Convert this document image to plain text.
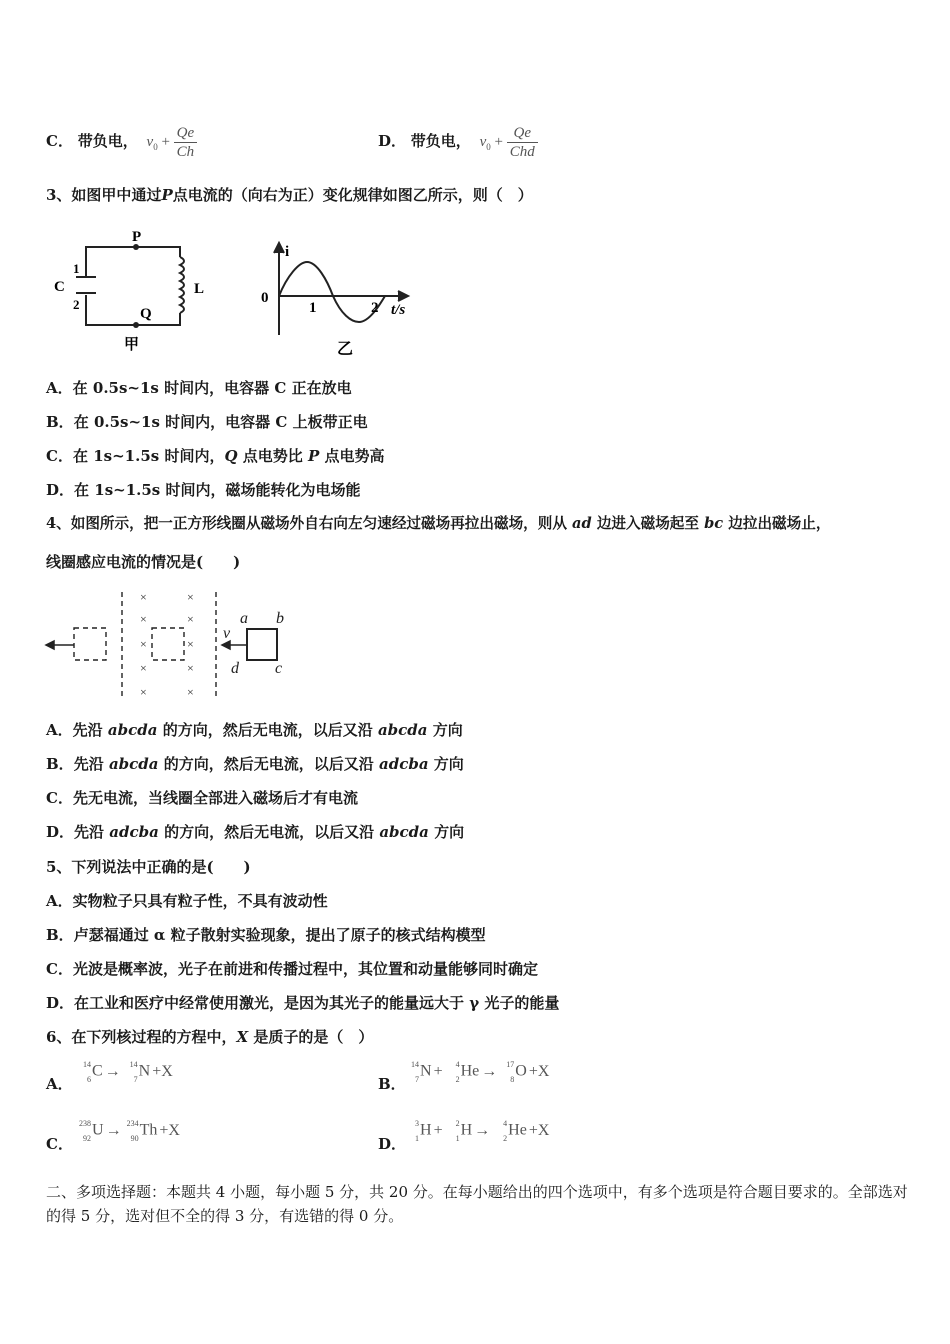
C． 带负电， $v_0 + \frac{Qe}{Ch}$	D． 带负电， $v_0 + \frac{Qe}{\text{Chd}}$
3、如图甲中通过P点电流的（向右为正）变化规律如图乙所示，则（　）
P
Q
C
1
2
L
甲
i
0
1	2 t/s
乙
A．在 0.5s~1s 时间内，电容器 C 正在放电
B．在 0.5s~1s 时间内，电容器 C 上板带正电
C．在 1s~1.5s 时间内，Q 点电势比 P 点电势高
D．在 1s~1.5s 时间内，磁场能转化为电场能
4、如图所示，把一正方形线圈从磁场外自右向左匀速经过磁场再拉出磁场，则从 ad 边进入磁场起至 bc 边拉出磁场止，
线圈感应电流的情况是(　　)
×	×
×	×
×	×
×	×
×	×
v
a b
c
d
A．先沿 abcda 的方向，然后无电流，以后又沿 abcda 方向
B．先沿 abcda 的方向，然后无电流，以后又沿 adcba 方向
C．先无电流，当线圈全部进入磁场后才有电流
D．先沿 adcba 的方向，然后无电流，以后又沿 abcda 方向
5、下列说法中正确的是(　　)
A．实物粒子只具有粒子性，不具有波动性
B．卢瑟福通过 α 粒子散射实验现象，提出了原子的核式结构模型
C．光波是概率波，光子在前进和传播过程中，其位置和动量能够同时确定
D．在工业和医疗中经常使用激光，是因为其光子的能量远大于 γ 光子的能量
6、在下列核过程的方程中，X 是质子的是（　）
A．
14
6 C → 14
7 N +X
B．
14
7 N + 4
2 He → 17
8 O +X
C．
238
92 U → 234
90 Th +X
D．
3
1 H + 2
1 H → 4
2 He +X
二、多项选择题：本题共 4 小题，每小题 5 分，共 20 分。在每小题给出的四个选项中，有多个选项是符合题目要求的。全部选对的得 5 分，选对但不全的得 3 分，有选错的得 0 分。
